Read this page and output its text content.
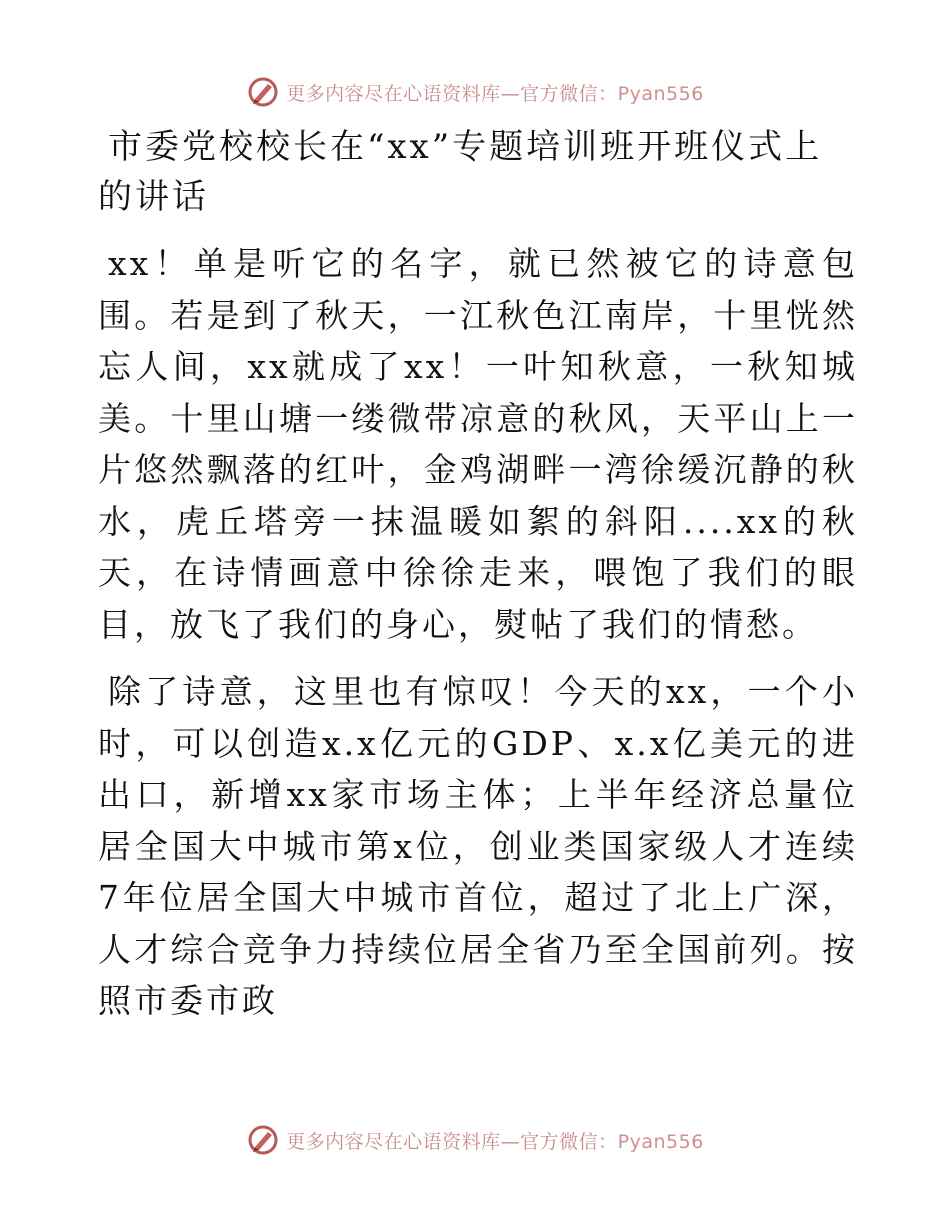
更多内容尽在心语资料库—官方微信：Pyan556
市委党校校长在“xx”专题培训班开班仪式上的讲话

xx！单是听它的名字，就已然被它的诗意包围。若是到了秋天，一江秋色江南岸，十里恍然忘人间，xx就成了xx！一叶知秋意，一秋知城美。十里山塘一缕微带凉意的秋风，天平山上一片悠然飘落的红叶，金鸡湖畔一湾徐缓沉静的秋水，虎丘塔旁一抹温暖如絮的斜阳....xx的秋天，在诗情画意中徐徐走来，喂饱了我们的眼目，放飞了我们的身心，熨帖了我们的情愁。

除了诗意，这里也有惊叹！今天的xx，一个小时，可以创造x.x亿元的GDP、x.x亿美元的进出口，新增xx家市场主体；上半年经济总量位居全国大中城市第x位，创业类国家级人才连续7年位居全国大中城市首位，超过了北上广深，人才综合竞争力持续位居全省乃至全国前列。按照市委市政

更多内容尽在心语资料库—官方微信：Pyan556
